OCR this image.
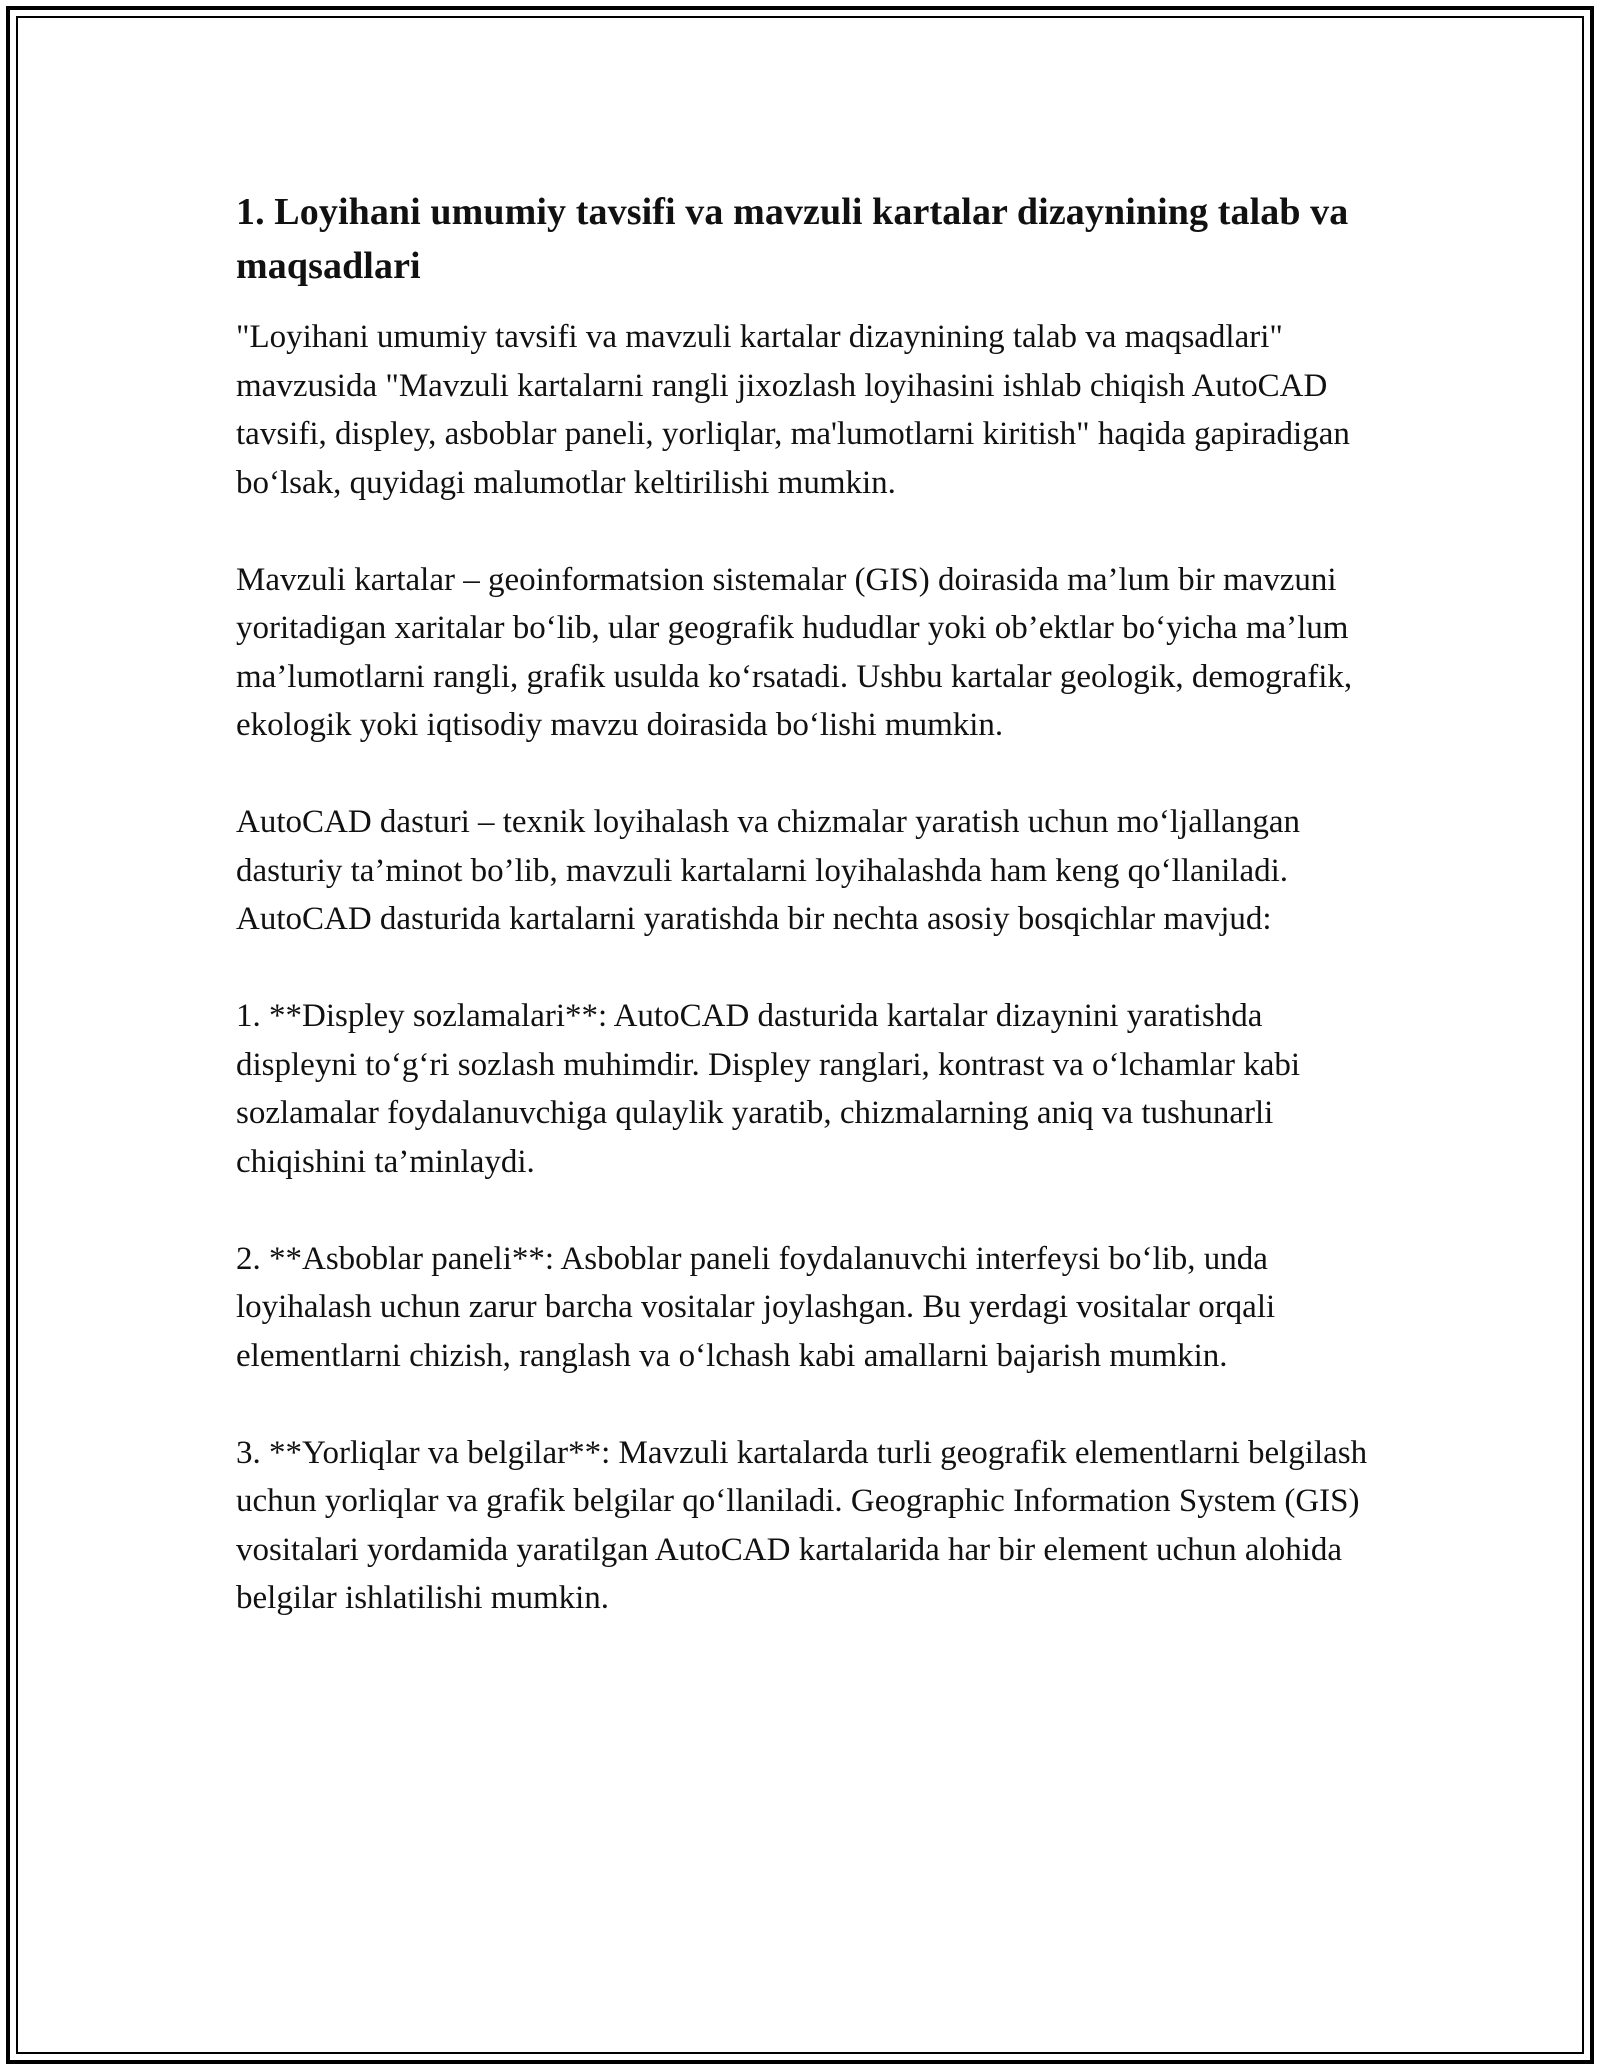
1. Loyihani umumiy tavsifi va mavzuli kartalar dizaynining talab va maqsadlari

"Loyihani umumiy tavsifi va mavzuli kartalar dizaynining talab va maqsadlari" mavzusida "Mavzuli kartalarni rangli jixozlash loyihasini ishlab chiqish AutoCAD tavsifi, displey, asboblar paneli, yorliqlar, ma'lumotlarni kiritish" haqida gapiradigan bo‘lsak, quyidagi malumotlar keltirilishi mumkin.

Mavzuli kartalar – geoinformatsion sistemalar (GIS) doirasida ma’lum bir mavzuni yoritadigan xaritalar bo‘lib, ular geografik hududlar yoki ob’ektlar bo‘yicha ma’lum ma’lumotlarni rangli, grafik usulda ko‘rsatadi. Ushbu kartalar geologik, demografik, ekologik yoki iqtisodiy mavzu doirasida bo‘lishi mumkin.

AutoCAD dasturi – texnik loyihalash va chizmalar yaratish uchun mo‘ljallangan dasturiy ta’minot bo’lib, mavzuli kartalarni loyihalashda ham keng qo‘llaniladi. AutoCAD dasturida kartalarni yaratishda bir nechta asosiy bosqichlar mavjud:

1. **Displey sozlamalari**: AutoCAD dasturida kartalar dizaynini yaratishda displeyni to‘g‘ri sozlash muhimdir. Displey ranglari, kontrast va o‘lchamlar kabi sozlamalar foydalanuvchiga qulaylik yaratib, chizmalarning aniq va tushunarli chiqishini ta’minlaydi.

2. **Asboblar paneli**: Asboblar paneli foydalanuvchi interfeysi bo‘lib, unda loyihalash uchun zarur barcha vositalar joylashgan. Bu yerdagi vositalar orqali elementlarni chizish, ranglash va o‘lchash kabi amallarni bajarish mumkin.

3. **Yorliqlar va belgilar**: Mavzuli kartalarda turli geografik elementlarni belgilash uchun yorliqlar va grafik belgilar qo‘llaniladi. Geographic Information System (GIS) vositalari yordamida yaratilgan AutoCAD kartalarida har bir element uchun alohida belgilar ishlatilishi mumkin.
